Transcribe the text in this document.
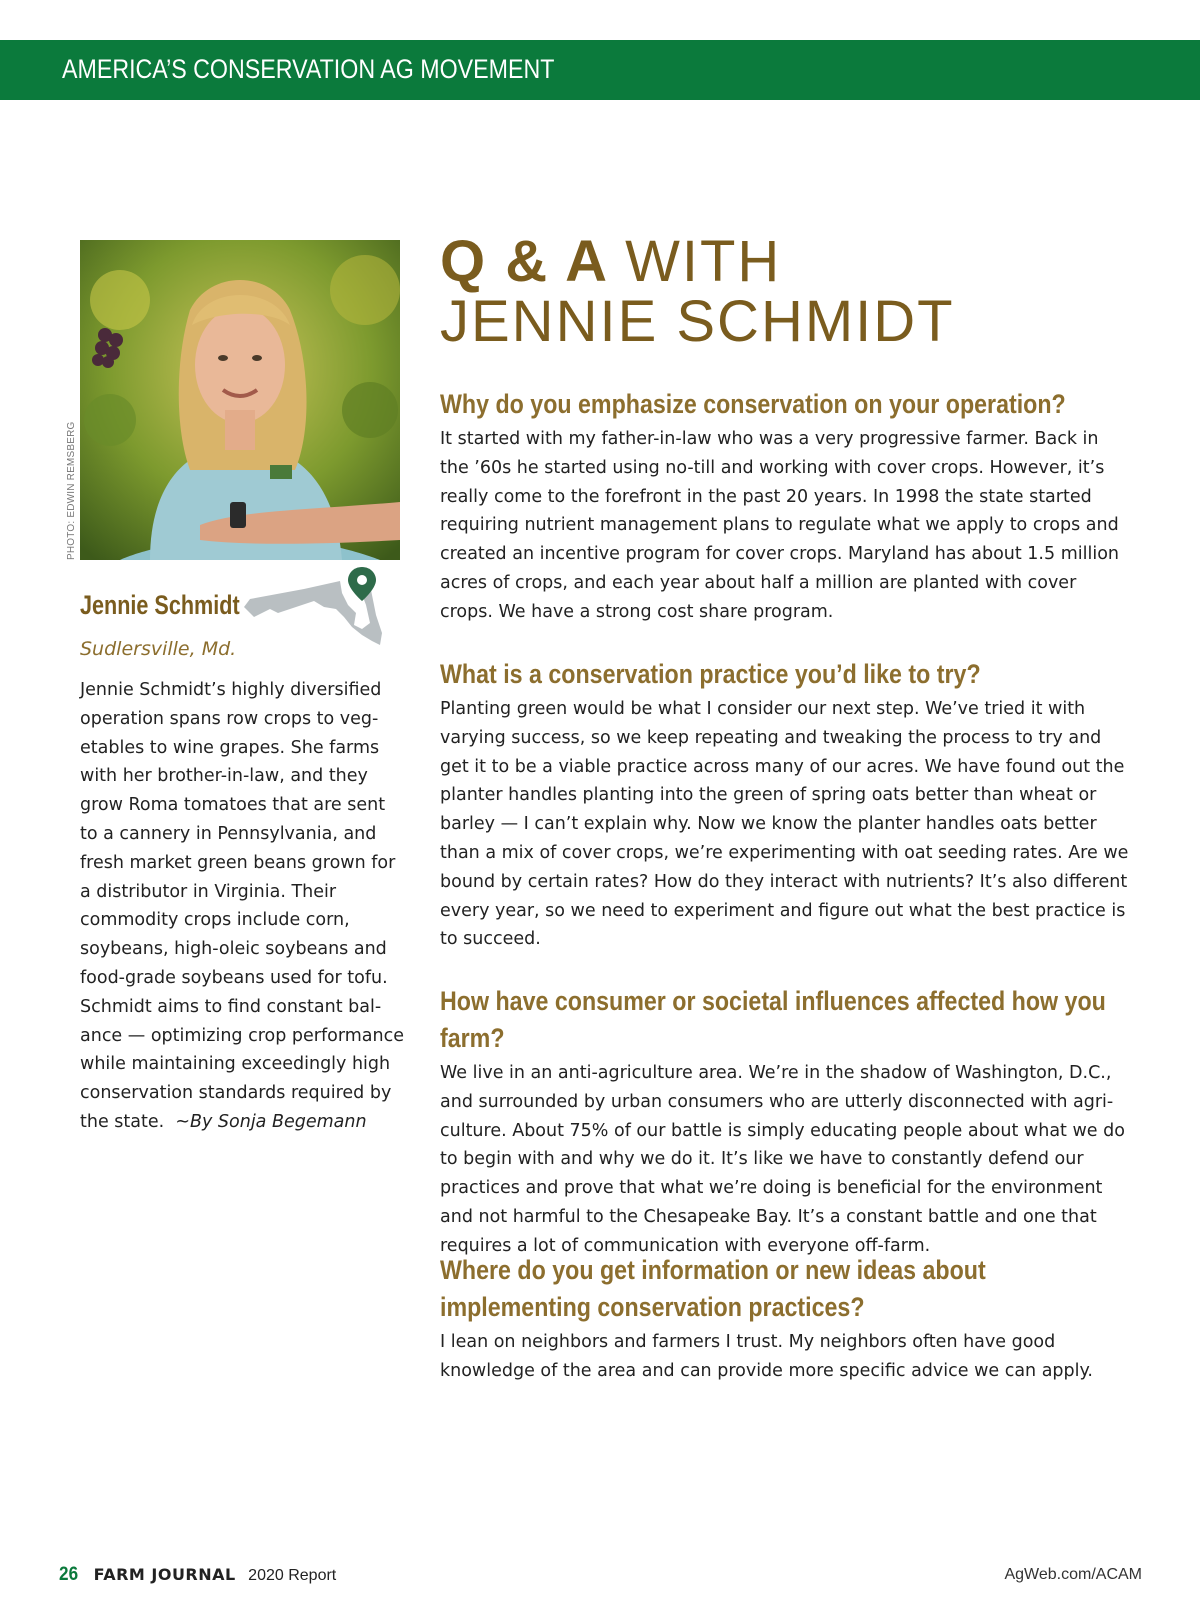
AMERICA’S CONSERVATION AG MOVEMENT
PHOTO: EDWIN REMSBERG
Jennie Schmidt
Sudlersville, Md.
Jennie Schmidt’s highly diversified operation spans row crops to veg-etables to wine grapes. She farms with her brother-in-law, and they grow Roma tomatoes that are sent to a cannery in Pennsylvania, and fresh market green beans grown for a distributor in Virginia. Their commodity crops include corn, soybeans, high-oleic soybeans and food-grade soybeans used for tofu. Schmidt aims to find constant bal-ance — optimizing crop performance while maintaining exceedingly high conservation standards required by the state. ~By Sonja Begemann
Q & A WITH
JENNIE SCHMIDT

Why do you emphasize conservation on your operation?

It started with my father-in-law who was a very progressive farmer. Back in the ’60s he started using no-till and working with cover crops. However, it’s really come to the forefront in the past 20 years. In 1998 the state started requiring nutrient management plans to regulate what we apply to crops and created an incentive program for cover crops. Maryland has about 1.5 million acres of crops, and each year about half a million are planted with cover crops. We have a strong cost share program.

What is a conservation practice you’d like to try?

Planting green would be what I consider our next step. We’ve tried it with varying success, so we keep repeating and tweaking the process to try and get it to be a viable practice across many of our acres. We have found out the planter handles planting into the green of spring oats better than wheat or barley — I can’t explain why. Now we know the planter handles oats better than a mix of cover crops, we’re experimenting with oat seeding rates. Are we bound by certain rates? How do they interact with nutrients? It’s also different every year, so we need to experiment and figure out what the best practice is to succeed.

How have consumer or societal influences affected how you farm?

We live in an anti-agriculture area. We’re in the shadow of Washington, D.C., and surrounded by urban consumers who are utterly disconnected with agri-culture. About 75% of our battle is simply educating people about what we do to begin with and why we do it. It’s like we have to constantly defend our practices and prove that what we’re doing is beneficial for the environment and not harmful to the Chesapeake Bay. It’s a constant battle and one that requires a lot of communication with everyone off-farm.

Where do you get information or new ideas about implementing conservation practices?

I lean on neighbors and farmers I trust. My neighbors often have good knowledge of the area and can provide more specific advice we can apply.

26 FARM JOURNAL 2020 Report	AgWeb.com/ACAM
